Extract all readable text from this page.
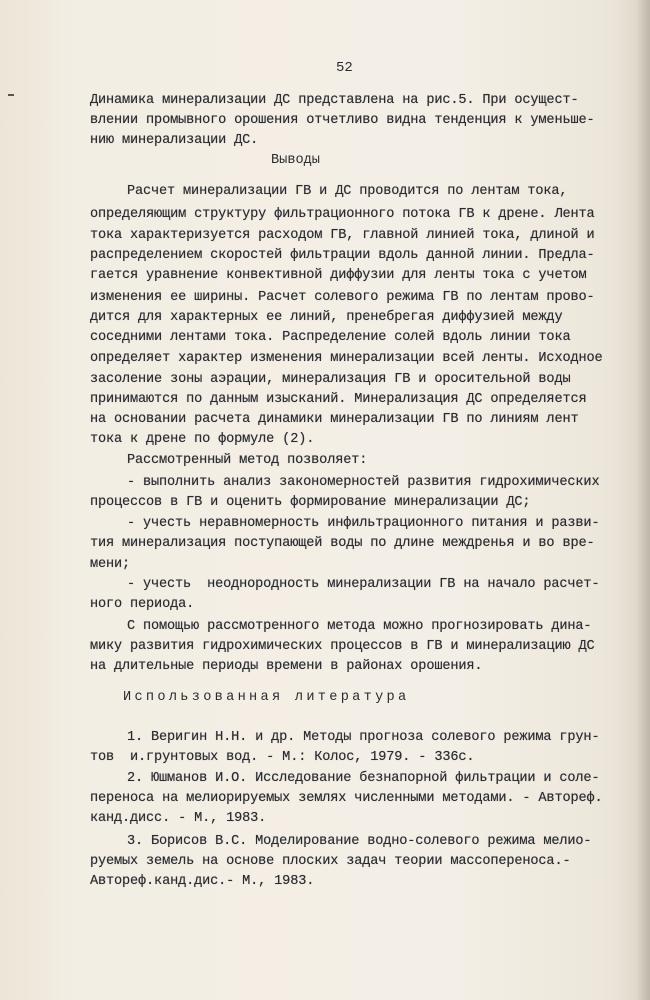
52
Динамика минерализации ДС представлена на рис.5. При осущест-
влении промывного орошения отчетливо видна тенденция к уменьше-
нию минерализации ДС.
Выводы
Расчет минерализации ГВ и ДС проводится по лентам тока,
определяющим структуру фильтрационного потока ГВ к дрене. Лента
тока характеризуется расходом ГВ, главной линией тока, длиной и
распределением скоростей фильтрации вдоль данной линии. Предла-
гается уравнение конвективной диффузии для ленты тока с учетом
изменения ее ширины. Расчет солевого режима ГВ по лентам прово-
дится для характерных ее линий, пренебрегая диффузией между
соседними лентами тока. Распределение солей вдоль линии тока
определяет характер изменения минерализации всей ленты. Исходное
засоление зоны аэрации, минерализация ГВ и оросительной воды
принимаются по данным изысканий. Минерализация ДС определяется
на основании расчета динамики минерализации ГВ по линиям лент
тока к дрене по формуле (2).
Рассмотренный метод позволяет:
- выполнить анализ закономерностей развития гидрохимических
процессов в ГВ и оценить формирование минерализации ДС;
- учесть неравномерность инфильтрационного питания и разви-
тия минерализация поступающей воды по длине междренья и во вре-
мени;
- учесть  неоднородность минерализации ГВ на начало расчет-
ного периода.
С помощью рассмотренного метода можно прогнозировать дина-
мику развития гидрохимических процессов в ГВ и минерализацию ДС
на длительные периоды времени в районах орошения.
Использованная литература
1. Веригин Н.Н. и др. Методы прогноза солевого режима грун-
тов  и.грунтовых вод. - М.: Колос, 1979. - 336с.
2. Юшманов И.О. Исследование безнапорной фильтрации и соле-
переноса на мелиорируемых землях численными методами. - Автореф.
канд.дисс. - М., 1983.
3. Борисов В.С. Моделирование водно-солевого режима мелио-
руемых земель на основе плоских задач теории массопереноса.-
Автореф.канд.дис.- М., 1983.
